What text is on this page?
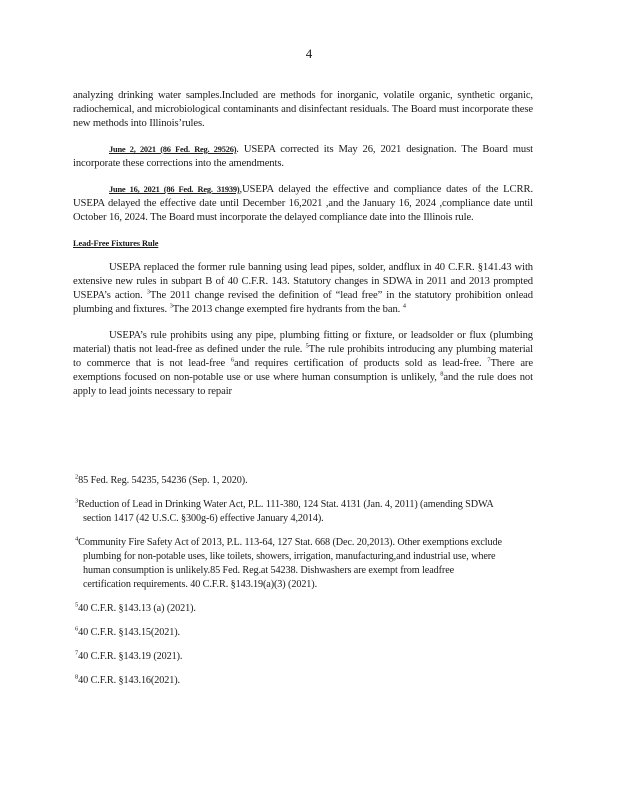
4

analyzing drinking water samples.Included are methods for inorganic, volatile organic, synthetic organic, radiochemical, and microbiological contaminants and disinfectant residuals. The Board must incorporate these new methods into Illinois’rules.

June 2, 2021 (86 Fed. Reg. 29526). USEPA corrected its May 26, 2021 designation. The Board must incorporate these corrections into the amendments.

June 16, 2021 (86 Fed. Reg. 31939),USEPA delayed the effective and compliance dates of the LCRR. USEPA delayed the effective date until December 16,2021 ,and the January 16, 2024 ,compliance date until October 16, 2024. The Board must incorporate the delayed compliance date into the Illinois rule.

Lead-Free Fixtures Rule

USEPA replaced the former rule banning using lead pipes, solder, andflux in 40 C.F.R. §141.43 with extensive new rules in subpart B of 40 C.F.R. 143. Statutory changes in SDWA in 2011 and 2013 prompted USEPA’s action. $^3$The 2011 change revised the definition of “lead free” in the statutory prohibition onlead plumbing and fixtures. $^3$The 2013 change exempted fire hydrants from the ban. $^4$

USEPA’s rule prohibits using any pipe, plumbing fitting or fixture, or leadsolder or flux (plumbing material) thatis not lead-free as defined under the rule. $^5$The rule prohibits introducing any plumbing material to commerce that is not lead-free $^6$and requires certification of products sold as lead-free. $^7$There are exemptions focused on non-potable use or use where human consumption is unlikely, $^8$and the rule does not apply to lead joints necessary to repair

$^2$85 Fed. Reg. 54235, 54236 (Sep. 1, 2020).

$^3$Reduction of Lead in Drinking Water Act, P.L. 111-380, 124 Stat. 4131 (Jan. 4, 2011) (amending SDWA section 1417 (42 U.S.C. §300g-6) effective January 4,2014).

$^4$Community Fire Safety Act of 2013, P.L. 113-64, 127 Stat. 668 (Dec. 20,2013). Other exemptions exclude plumbing for non-potable uses, like toilets, showers, irrigation, manufacturing,and industrial use, where human consumption is unlikely.85 Fed. Reg.at 54238. Dishwashers are exempt from leadfree certification requirements. 40 C.F.R. §143.19(a)(3) (2021).

$^5$40 C.F.R. §143.13 (a) (2021).

$^6$40 C.F.R. §143.15(2021).

$^7$40 C.F.R. §143.19 (2021).

$^8$40 C.F.R. §143.16(2021).
